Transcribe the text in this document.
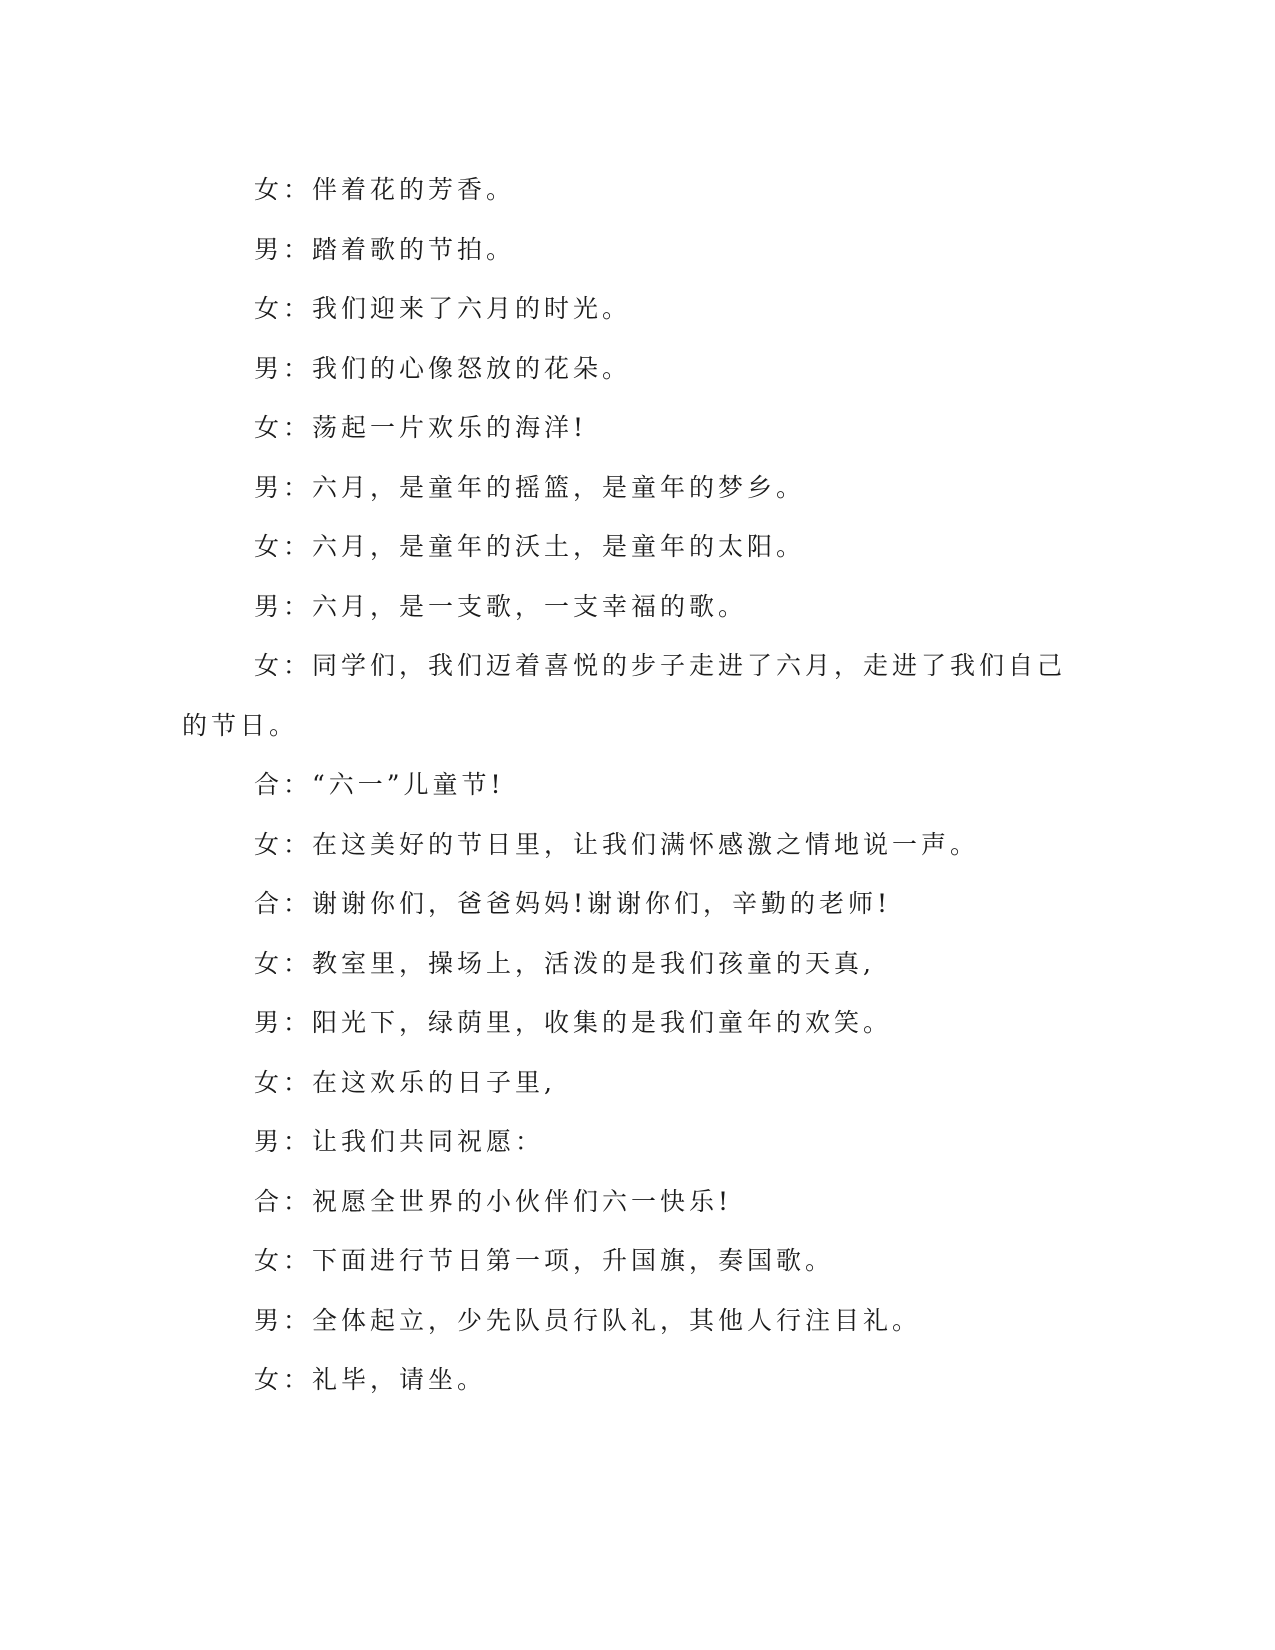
女：伴着花的芳香。

男：踏着歌的节拍。

女：我们迎来了六月的时光。

男：我们的心像怒放的花朵。

女：荡起一片欢乐的海洋!

男：六月，是童年的摇篮，是童年的梦乡。

女：六月，是童年的沃土，是童年的太阳。

男：六月，是一支歌，一支幸福的歌。

女：同学们，我们迈着喜悦的步子走进了六月，走进了我们自己的节日。

合：“六一”儿童节!

女：在这美好的节日里，让我们满怀感激之情地说一声。

合：谢谢你们，爸爸妈妈!谢谢你们，辛勤的老师!

女：教室里，操场上，活泼的是我们孩童的天真,

男：阳光下，绿荫里，收集的是我们童年的欢笑。

女：在这欢乐的日子里,

男：让我们共同祝愿：

合：祝愿全世界的小伙伴们六一快乐!

女：下面进行节日第一项，升国旗，奏国歌。

男：全体起立，少先队员行队礼，其他人行注目礼。

女：礼毕，请坐。
